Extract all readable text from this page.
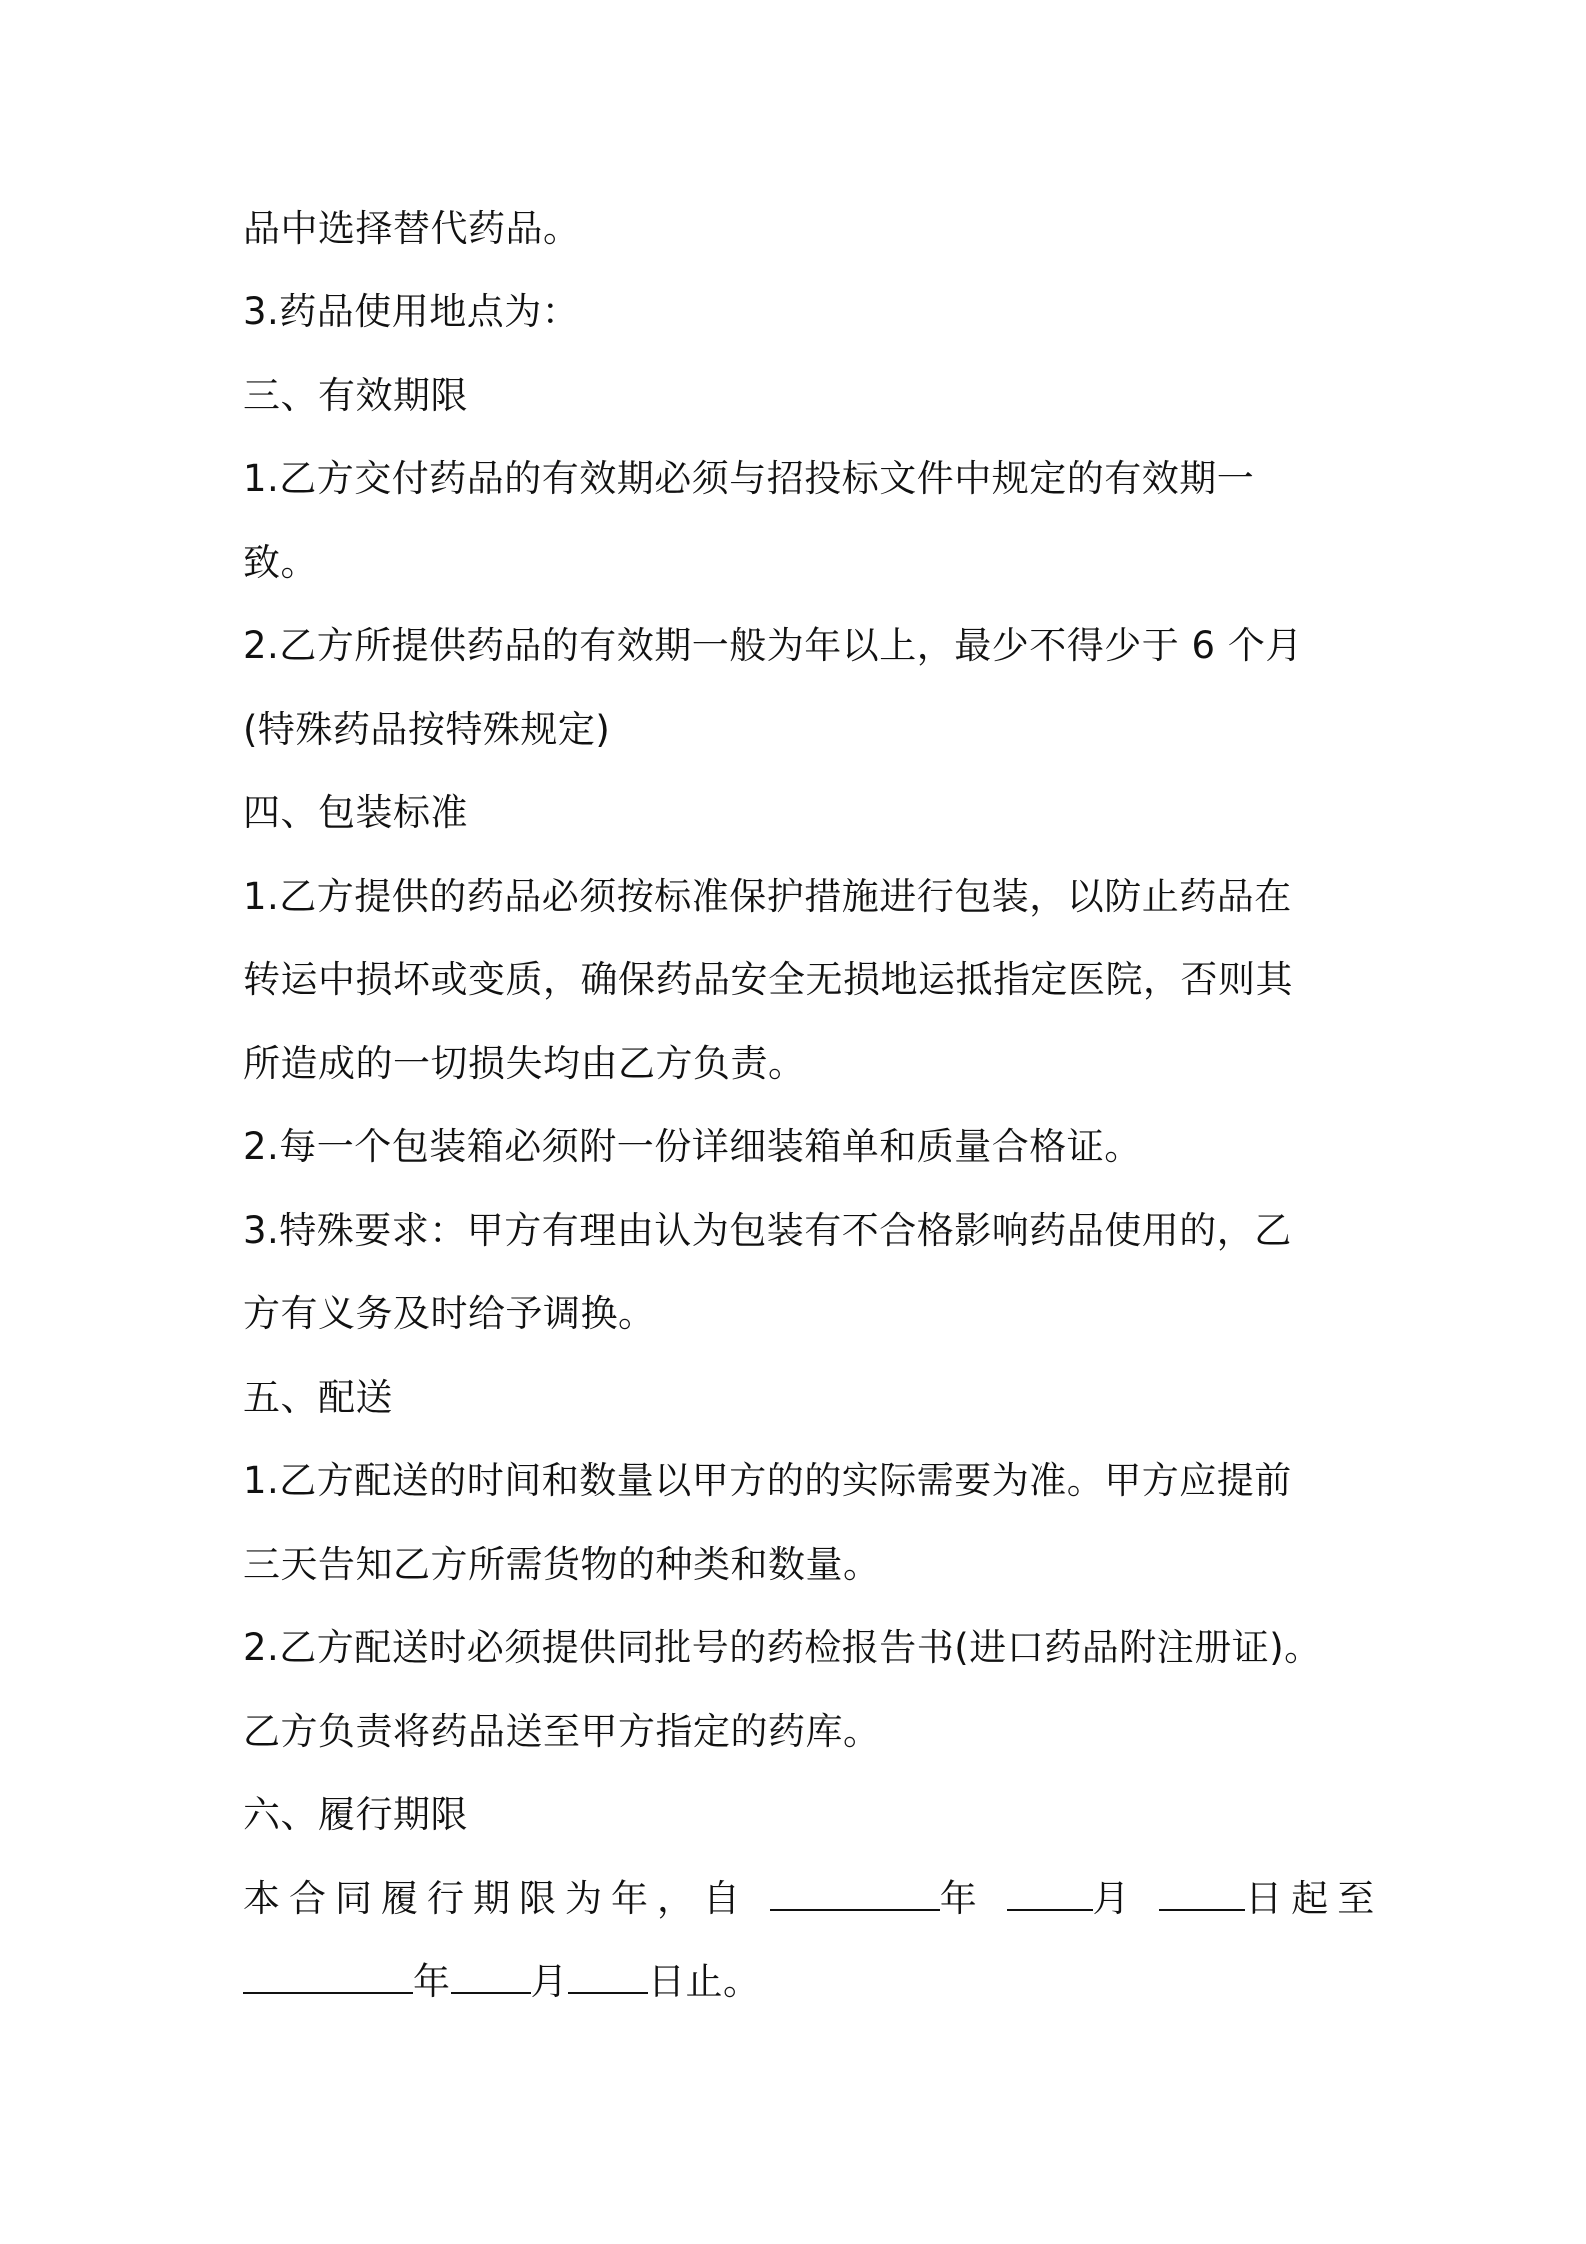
品中选择替代药品。

3.药品使用地点为：

三、有效期限

1.乙方交付药品的有效期必须与招投标文件中规定的有效期一

致。

2.乙方所提供药品的有效期一般为年以上，最少不得少于 6 个月

(特殊药品按特殊规定)

四、包装标准

1.乙方提供的药品必须按标准保护措施进行包装，以防止药品在

转运中损坏或变质，确保药品安全无损地运抵指定医院，否则其

所造成的一切损失均由乙方负责。

2.每一个包装箱必须附一份详细装箱单和质量合格证。

3.特殊要求：甲方有理由认为包装有不合格影响药品使用的，乙

方有义务及时给予调换。

五、配送

1.乙方配送的时间和数量以甲方的的实际需要为准。甲方应提前

三天告知乙方所需货物的种类和数量。

2.乙方配送时必须提供同批号的药检报告书(进口药品附注册证)。

乙方负责将药品送至甲方指定的药库。

六、履行期限

本合同履行期限为年，自	年	月	日起至

年 月 日止。
